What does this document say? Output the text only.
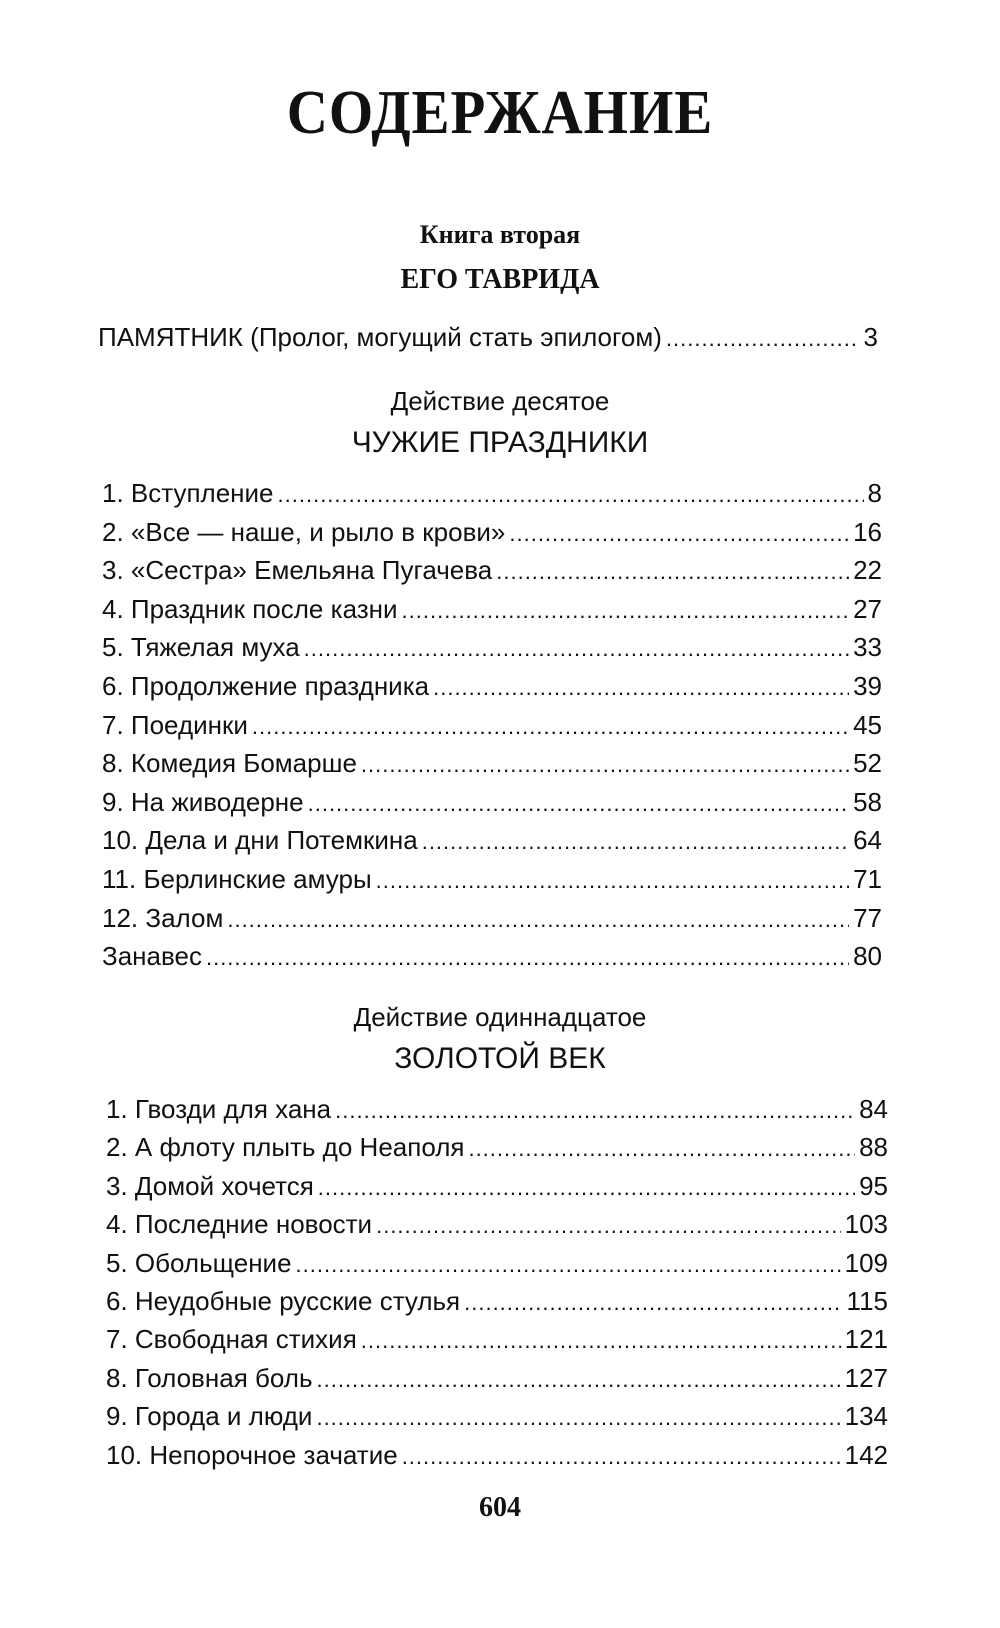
СОДЕРЖАНИЕ
Книга вторая
ЕГО ТАВРИДА
ПАМЯТНИК (Пролог, могущий стать эпилогом) .....	3
Действие десятое
ЧУЖИЕ ПРАЗДНИКИ
1. Вступление .....	8
2. «Все — наше, и рыло в крови» .....	16
3. «Сестра» Емельяна Пугачева .....	22
4. Праздник после казни .....	27
5. Тяжелая муха .....	33
6. Продолжение праздника .....	39
7. Поединки .....	45
8. Комедия Бомарше .....	52
9. На живодерне .....	58
10. Дела и дни Потемкина .....	64
11. Берлинские амуры .....	71
12. Залом .....	77
Занавес .....	80
Действие одиннадцатое
ЗОЛОТОЙ ВЕК
1. Гвозди для хана .....	84
2. А флоту плыть до Неаполя .....	88
3. Домой хочется .....	95
4. Последние новости .....	103
5. Обольщение .....	109
6. Неудобные русские стулья .....	115
7. Свободная стихия .....	121
8. Головная боль .....	127
9. Города и люди .....	134
10. Непорочное зачатие .....	142
604
